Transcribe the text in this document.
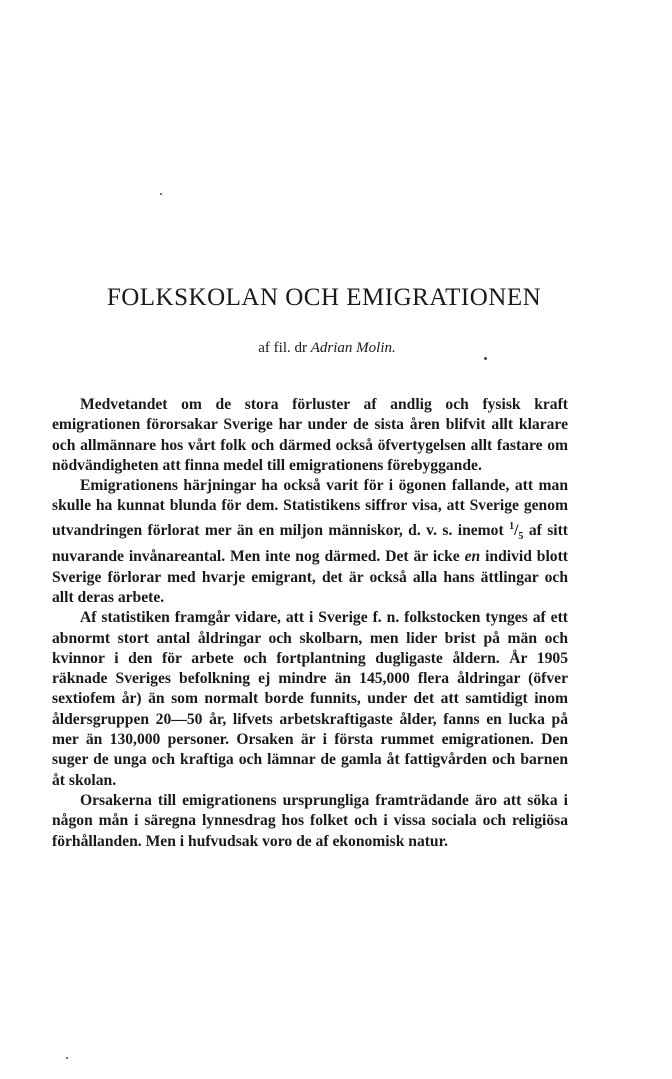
FOLKSKOLAN OCH EMIGRATIONEN

af fil. dr Adrian Molin.

Medvetandet om de stora förluster af andlig och fysisk kraft emigrationen förorsakar Sverige har under de sista åren blifvit allt klarare och allmännare hos vårt folk och därmed också öfvertygelsen allt fastare om nödvändigheten att finna medel till emigrationens förebyggande.

Emigrationens härjningar ha också varit för i ögonen fallande, att man skulle ha kunnat blunda för dem. Statistikens siffror visa, att Sverige genom utvandringen förlorat mer än en miljon människor, d. v. s. inemot $^1/_5$ af sitt nuvarande invånareantal. Men inte nog därmed. Det är icke en individ blott Sverige förlorar med hvarje emigrant, det är också alla hans ättlingar och allt deras arbete.

Af statistiken framgår vidare, att i Sverige f. n. folkstocken tynges af ett abnormt stort antal åldringar och skolbarn, men lider brist på män och kvinnor i den för arbete och fortplantning dugligaste åldern. År 1905 räknade Sveriges befolkning ej mindre än 145,000 flera åldringar (öfver sextiofem år) än som normalt borde funnits, under det att samtidigt inom åldersgruppen 20—50 år, lifvets arbetskraftigaste ålder, fanns en lucka på mer än 130,000 personer. Orsaken är i första rummet emigrationen. Den suger de unga och kraftiga och lämnar de gamla åt fattigvården och barnen åt skolan.

Orsakerna till emigrationens ursprungliga framträdande äro att söka i någon mån i säregna lynnesdrag hos folket och i vissa sociala och religiösa förhållanden. Men i hufvudsak voro de af ekonomisk natur.
